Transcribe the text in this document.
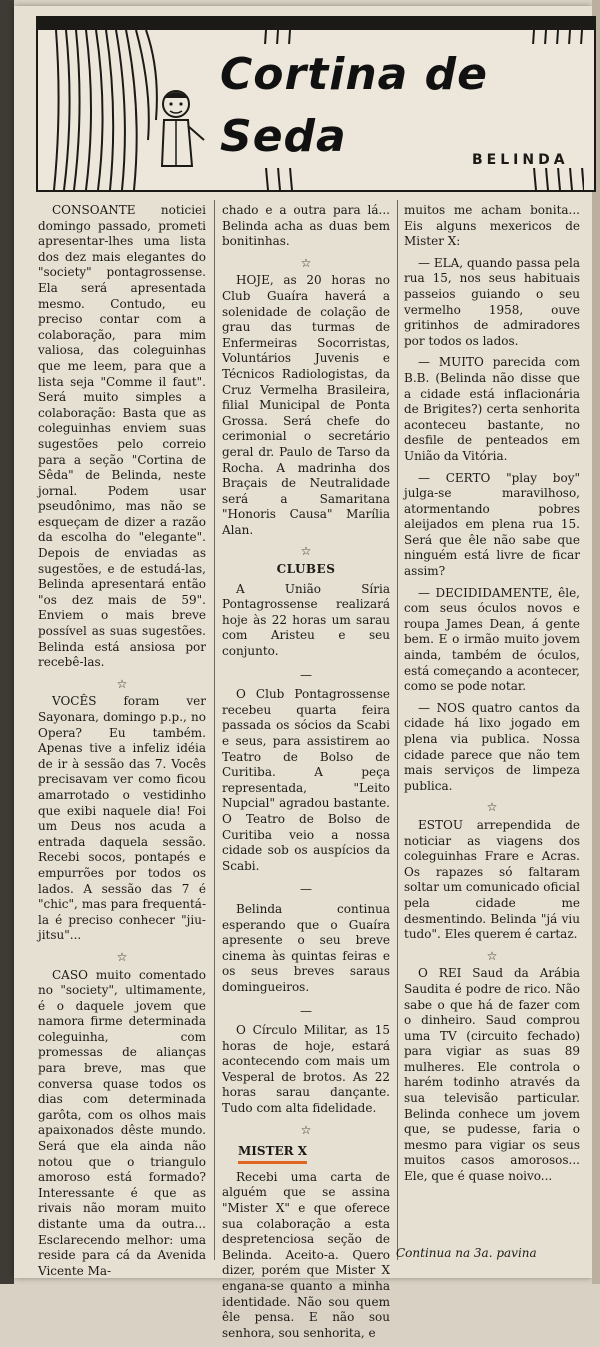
Cortina de Seda	BELINDA

CONSOANTE noticiei domingo passado, prometi apresentar-lhes uma lista dos dez mais elegantes do "society" pontagrossense. Ela será apresentada mesmo. Contudo, eu preciso contar com a colaboração, para mim valiosa, das coleguinhas que me leem, para que a lista seja "Comme il faut". Será muito simples a colaboração: Basta que as coleguinhas enviem suas sugestões pelo correio para a seção "Cortina de Sêda" de Belinda, neste jornal. Podem usar pseudônimo, mas não se esqueçam de dizer a razão da escolha do "elegante". Depois de enviadas as sugestões, e de estudá-las, Belinda apresentará então "os dez mais de 59". Enviem o mais breve possível as suas sugestões. Belinda está ansiosa por recebê-las.

☆

VOCÊS foram ver Sayonara, domingo p.p., no Opera? Eu também. Apenas tive a infeliz idéia de ir à sessão das 7. Vocês precisavam ver como ficou amarrotado o vestidinho que exibi naquele dia! Foi um Deus nos acuda a entrada daquela sessão. Recebi socos, pontapés e empurrões por todos os lados. A sessão das 7 é "chic", mas para frequentá-la é preciso conhecer "jiu-jitsu"...

☆

CASO muito comentado no "society", ultimamente, é o daquele jovem que namora firme determinada coleguinha, com promessas de alianças para breve, mas que conversa quase todos os dias com determinada garôta, com os olhos mais apaixonados dêste mundo. Será que ela ainda não notou que o triangulo amoroso está formado? Interessante é que as rivais não moram muito distante uma da outra... Esclarecendo melhor: uma reside para cá da Avenida Vicente Ma-

chado e a outra para lá... Belinda acha as duas bem bonitinhas.

☆

HOJE, as 20 horas no Club Guaíra haverá a solenidade de colação de grau das turmas de Enfermeiras Socorristas, Voluntários Juvenis e Técnicos Radiologistas, da Cruz Vermelha Brasileira, filial Municipal de Ponta Grossa. Será chefe do cerimonial o secretário geral dr. Paulo de Tarso da Rocha. A madrinha dos Braçais de Neutralidade será a Samaritana "Honoris Causa" Marília Alan.

☆
CLUBES

A União Síria Pontagrossense realizará hoje às 22 horas um sarau com Aristeu e seu conjunto.

—

O Club Pontagrossense recebeu quarta feira passada os sócios da Scabi e seus, para assistirem ao Teatro de Bolso de Curitiba. A peça representada, "Leito Nupcial" agradou bastante. O Teatro de Bolso de Curitiba veio a nossa cidade sob os auspícios da Scabi.

—

Belinda continua esperando que o Guaíra apresente o seu breve cinema às quintas feiras e os seus breves saraus domingueiros.

—

O Círculo Militar, as 15 horas de hoje, estará acontecendo com mais um Vesperal de brotos. As 22 horas sarau dançante. Tudo com alta fidelidade.

☆
MISTER X

Recebi uma carta de alguém que se assina "Mister X" e que oferece sua colaboração a esta despretenciosa seção de Belinda. Aceito-a. Quero dizer, porém que Mister X enganа-se quanto a minha identidade. Não sou quem êle pensa. E não sou senhora, sou senhorita, e

muitos me acham bonita... Eis alguns mexericos de Mister X:

— ELA, quando passa pela rua 15, nos seus habituais passeios guiando o seu vermelho 1958, ouve gritinhos de admiradores por todos os lados.

— MUITO parecida com B.B. (Belinda não disse que a cidade está inflacionária de Brigites?) certa senhorita aconteceu bastante, no desfile de penteados em União da Vitória.

— CERTO "play boy" julga-se maravilhoso, atormentando pobres aleijados em plena rua 15. Será que êle não sabe que ninguém está livre de ficar assim?

— DECIDIDAMENTE, êle, com seus óculos novos e roupa James Dean, á gente bem. E o irmão muito jovem ainda, também de óculos, está começando a acontecer, como se pode notar.

— NOS quatro cantos da cidade há lixo jogado em plena via publica. Nossa cidade parece que não tem mais serviços de limpeza publica.

☆

ESTOU arrependida de noticiar as viagens dos coleguinhas Frare e Acras. Os rapazes só faltaram soltar um comunicado oficial pela cidade me desmentindo. Belinda "já viu tudo". Eles querem é cartaz.

☆

O REI Saud da Arábia Saudita é podre de rico. Não sabe o que há de fazer com o dinheiro. Saud comprou uma TV (circuito fechado) para vigiar as suas 89 mulheres. Ele controla o harém todinho através da sua televisão particular. Belinda conhece um jovem que, se pudesse, faria o mesmo para vigiar os seus muitos casos amorosos... Ele, que é quase noivo...

Continua na 3a. pavina
